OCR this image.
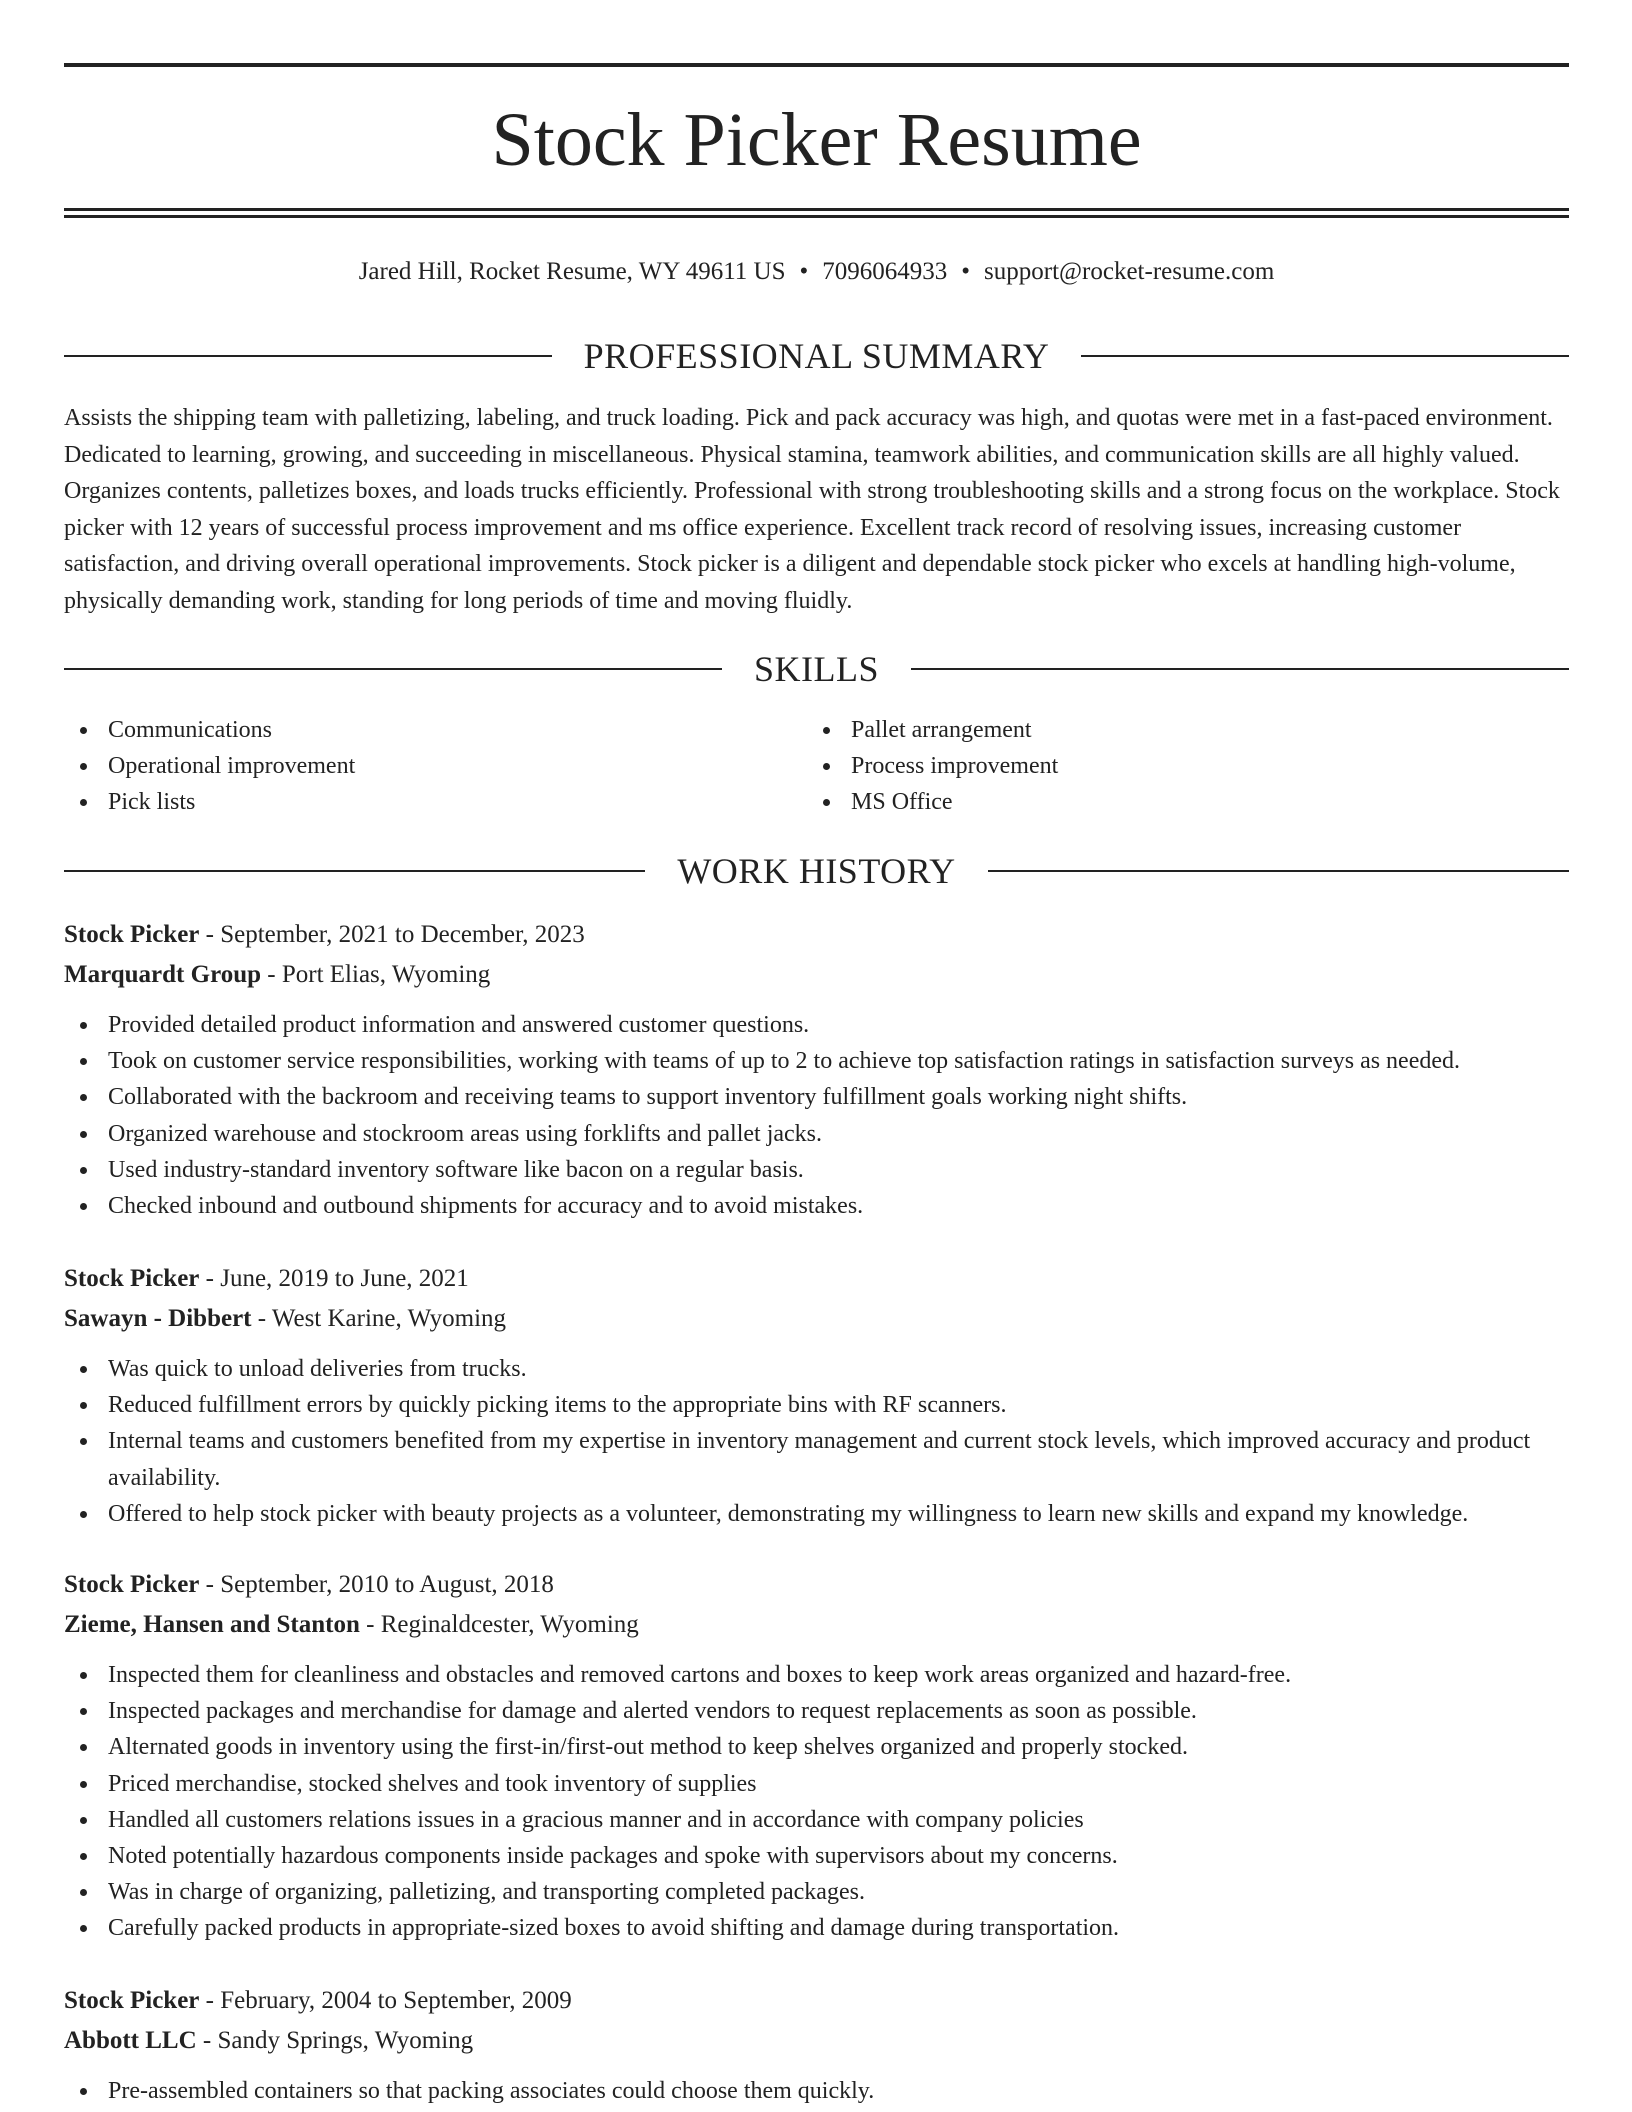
Stock Picker Resume
Jared Hill, Rocket Resume, WY 49611 US • 7096064933 • support@rocket-resume.com
PROFESSIONAL SUMMARY

Assists the shipping team with palletizing, labeling, and truck loading. Pick and pack accuracy was high, and quotas were met in a fast-paced environment. Dedicated to learning, growing, and succeeding in miscellaneous. Physical stamina, teamwork abilities, and communication skills are all highly valued. Organizes contents, palletizes boxes, and loads trucks efficiently. Professional with strong troubleshooting skills and a strong focus on the workplace. Stock picker with 12 years of successful process improvement and ms office experience. Excellent track record of resolving issues, increasing customer satisfaction, and driving overall operational improvements. Stock picker is a diligent and dependable stock picker who excels at handling high-volume, physically demanding work, standing for long periods of time and moving fluidly.

SKILLS
Communications
Operational improvement
Pick lists
Pallet arrangement
Process improvement
MS Office
WORK HISTORY
Stock Picker - September, 2021 to December, 2023
Marquardt Group - Port Elias, Wyoming
Provided detailed product information and answered customer questions.
Took on customer service responsibilities, working with teams of up to 2 to achieve top satisfaction ratings in satisfaction surveys as needed.
Collaborated with the backroom and receiving teams to support inventory fulfillment goals working night shifts.
Organized warehouse and stockroom areas using forklifts and pallet jacks.
Used industry-standard inventory software like bacon on a regular basis.
Checked inbound and outbound shipments for accuracy and to avoid mistakes.
Stock Picker - June, 2019 to June, 2021
Sawayn - Dibbert - West Karine, Wyoming
Was quick to unload deliveries from trucks.
Reduced fulfillment errors by quickly picking items to the appropriate bins with RF scanners.
Internal teams and customers benefited from my expertise in inventory management and current stock levels, which improved accuracy and product availability.
Offered to help stock picker with beauty projects as a volunteer, demonstrating my willingness to learn new skills and expand my knowledge.
Stock Picker - September, 2010 to August, 2018
Zieme, Hansen and Stanton - Reginaldcester, Wyoming
Inspected them for cleanliness and obstacles and removed cartons and boxes to keep work areas organized and hazard-free.
Inspected packages and merchandise for damage and alerted vendors to request replacements as soon as possible.
Alternated goods in inventory using the first-in/first-out method to keep shelves organized and properly stocked.
Priced merchandise, stocked shelves and took inventory of supplies
Handled all customers relations issues in a gracious manner and in accordance with company policies
Noted potentially hazardous components inside packages and spoke with supervisors about my concerns.
Was in charge of organizing, palletizing, and transporting completed packages.
Carefully packed products in appropriate-sized boxes to avoid shifting and damage during transportation.
Stock Picker - February, 2004 to September, 2009
Abbott LLC - Sandy Springs, Wyoming
Pre-assembled containers so that packing associates could choose them quickly.
